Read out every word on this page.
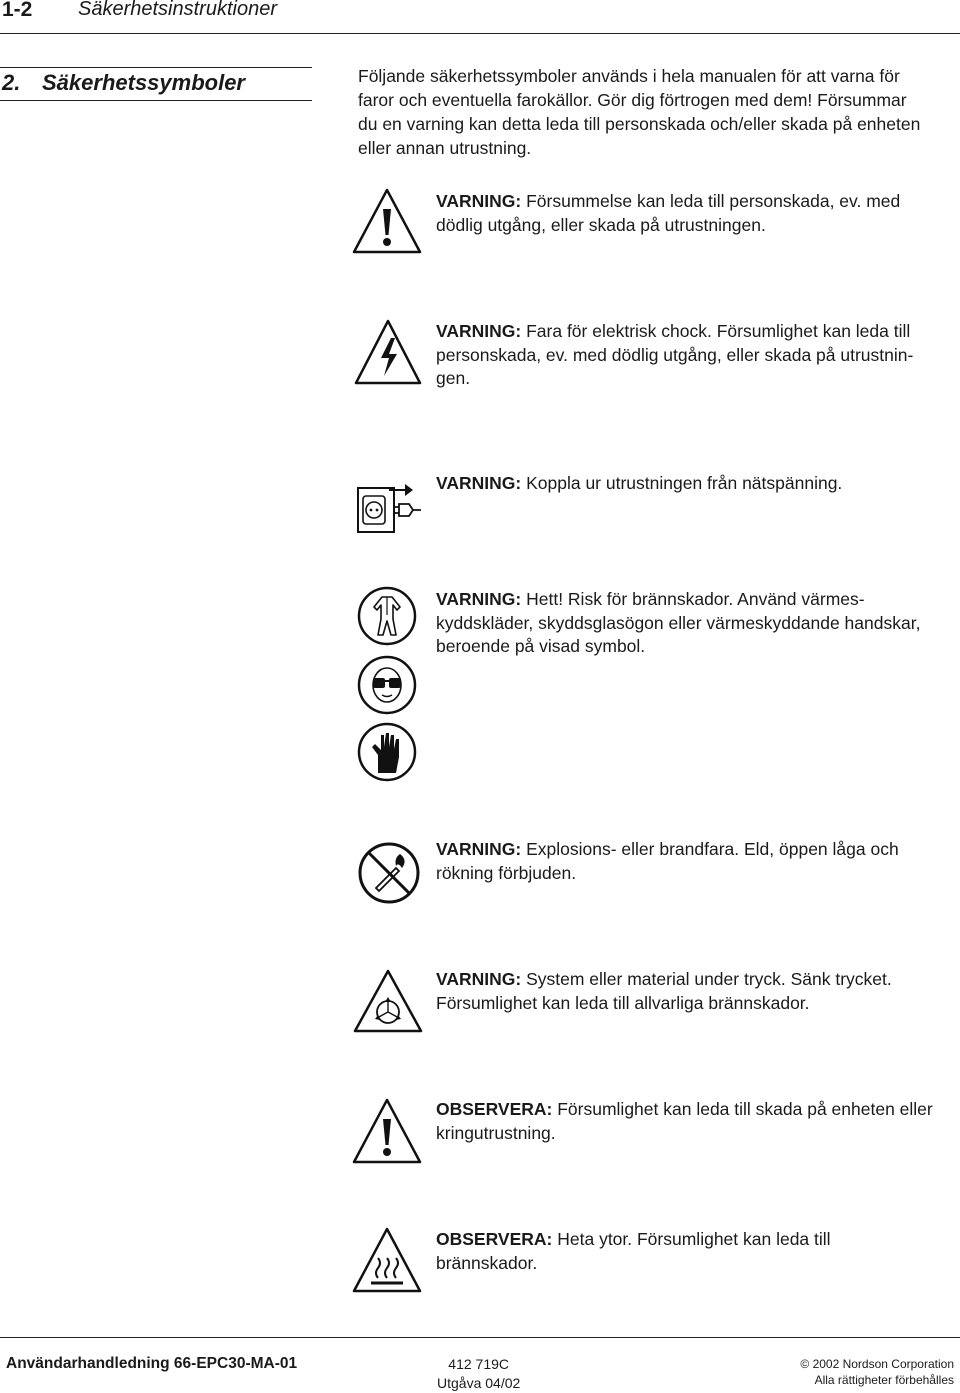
1-2 Säkerhetsinstruktioner
2. Säkerhetssymboler	Följande säkerhetssymboler används i hela manualen för att varna för faror och eventuella farokällor. Gör dig förtrogen med dem! Försummar du en varning kan detta leda till personskada och/eller skada på enheten eller annan utrustning.
VARNING: Försummelse kan leda till personskada, ev. med dödlig utgång, eller skada på utrustningen.
VARNING: Fara för elektrisk chock. Försumlighet kan leda till personskada, ev. med dödlig utgång, eller skada på utrustnin-gen.
VARNING: Koppla ur utrustningen från nätspänning.
VARNING: Hett! Risk för brännskador. Använd värmes-kyddskläder, skyddsglasögon eller värmeskyddande handskar, beroende på visad symbol.
VARNING: Explosions- eller brandfara. Eld, öppen låga och rökning förbjuden.
VARNING: System eller material under tryck. Sänk trycket. Försumlighet kan leda till allvarliga brännskador.
OBSERVERA: Försumlighet kan leda till skada på enheten eller kringutrustning.
OBSERVERA: Heta ytor. Försumlighet kan leda till brännskador.
Användarhandledning 66-EPC30-MA-01	412 719C
Utgåva 04/02
© 2002 Nordson Corporation
Alla rättigheter förbehålles
